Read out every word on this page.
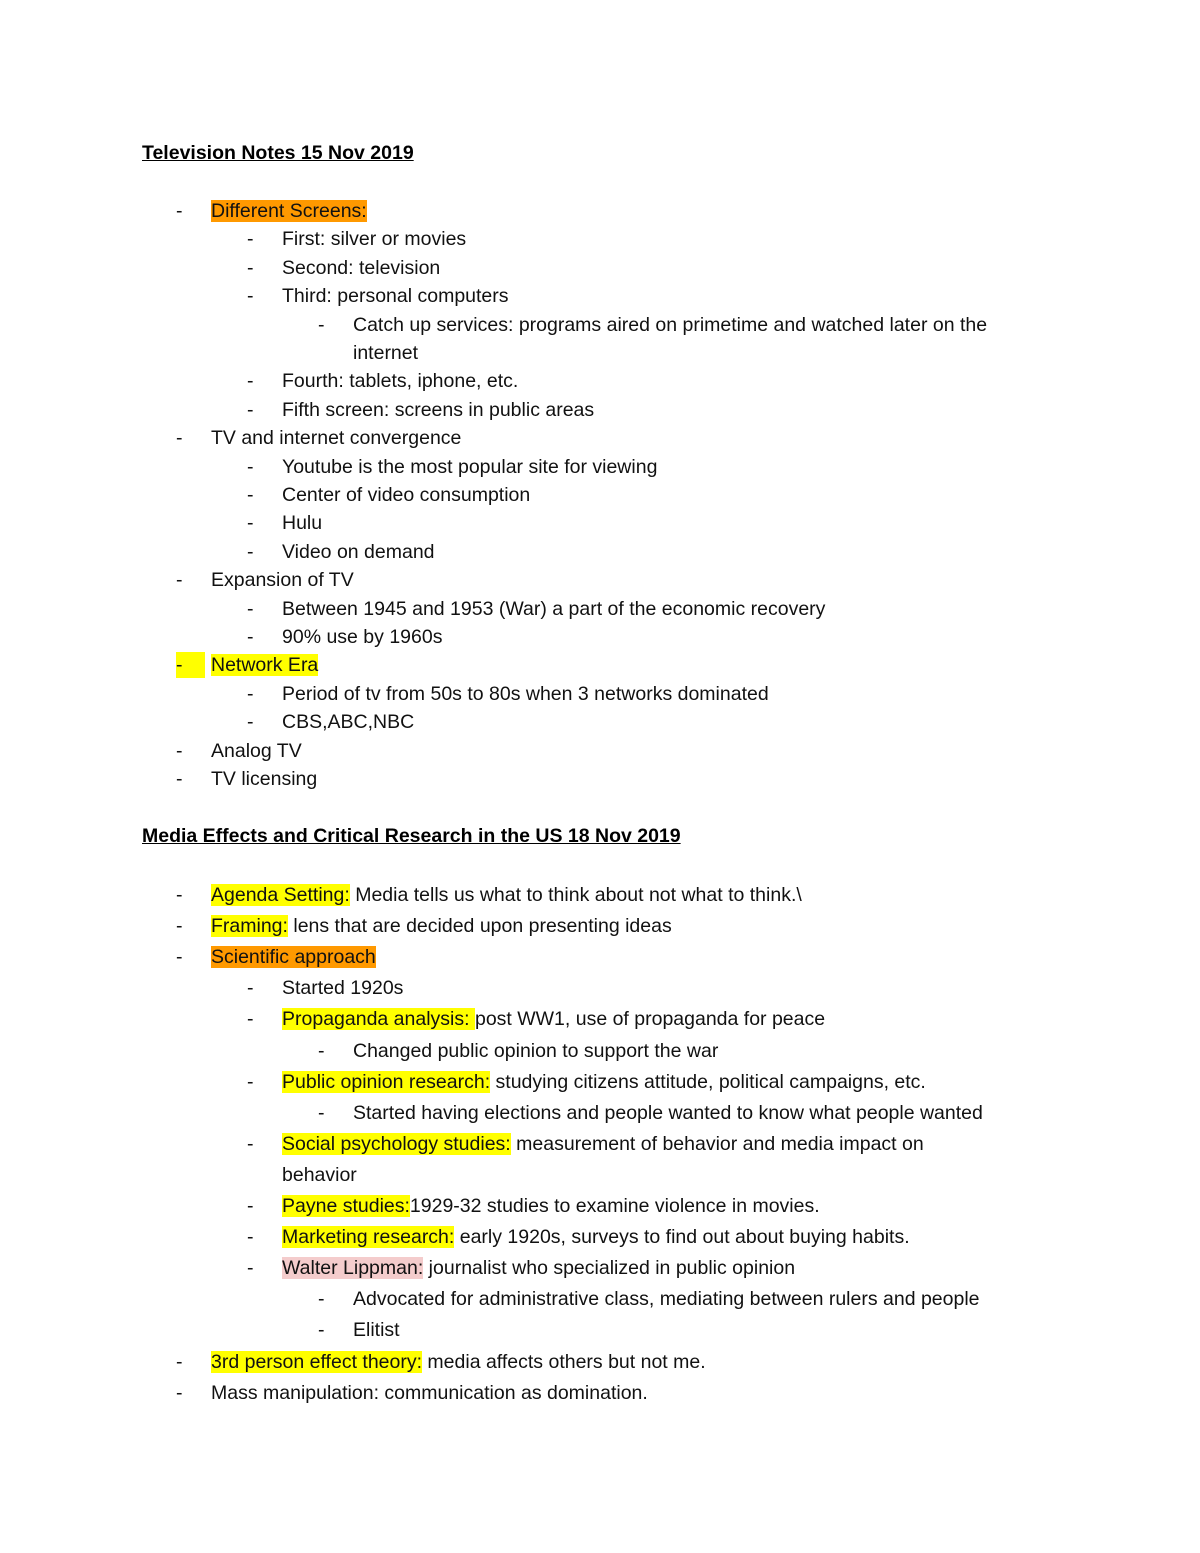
Television Notes 15 Nov 2019
-	Different Screens:
-	First: silver or movies
-	Second: television
-	Third: personal computers
-	Catch up services: programs aired on primetime and watched later on the
internet
-	Fourth: tablets, iphone, etc.
-	Fifth screen: screens in public areas
-	TV and internet convergence
-	Youtube is the most popular site for viewing
-	Center of video consumption
-	Hulu
-	Video on demand
-	Expansion of TV
-	Between 1945 and 1953 (War) a part of the economic recovery
-	90% use by 1960s
-	Network Era
-	Period of tv from 50s to 80s when 3 networks dominated
-	CBS,ABC,NBC
-	Analog TV
-	TV licensing
Media Effects and Critical Research in the US 18 Nov 2019
-	Agenda Setting: Media tells us what to think about not what to think.\
-	Framing: lens that are decided upon presenting ideas
-	Scientific approach
-	Started 1920s
-	Propaganda analysis: post WW1, use of propaganda for peace
-	Changed public opinion to support the war
-	Public opinion research: studying citizens attitude, political campaigns, etc.
-	Started having elections and people wanted to know what people wanted
-	Social psychology studies: measurement of behavior and media impact on
behavior
-	Payne studies:1929-32 studies to examine violence in movies.
-	Marketing research: early 1920s, surveys to find out about buying habits.
-	Walter Lippman: journalist who specialized in public opinion
-	Advocated for administrative class, mediating between rulers and people
-	Elitist
-	3rd person effect theory: media affects others but not me.
-	Mass manipulation: communication as domination.
